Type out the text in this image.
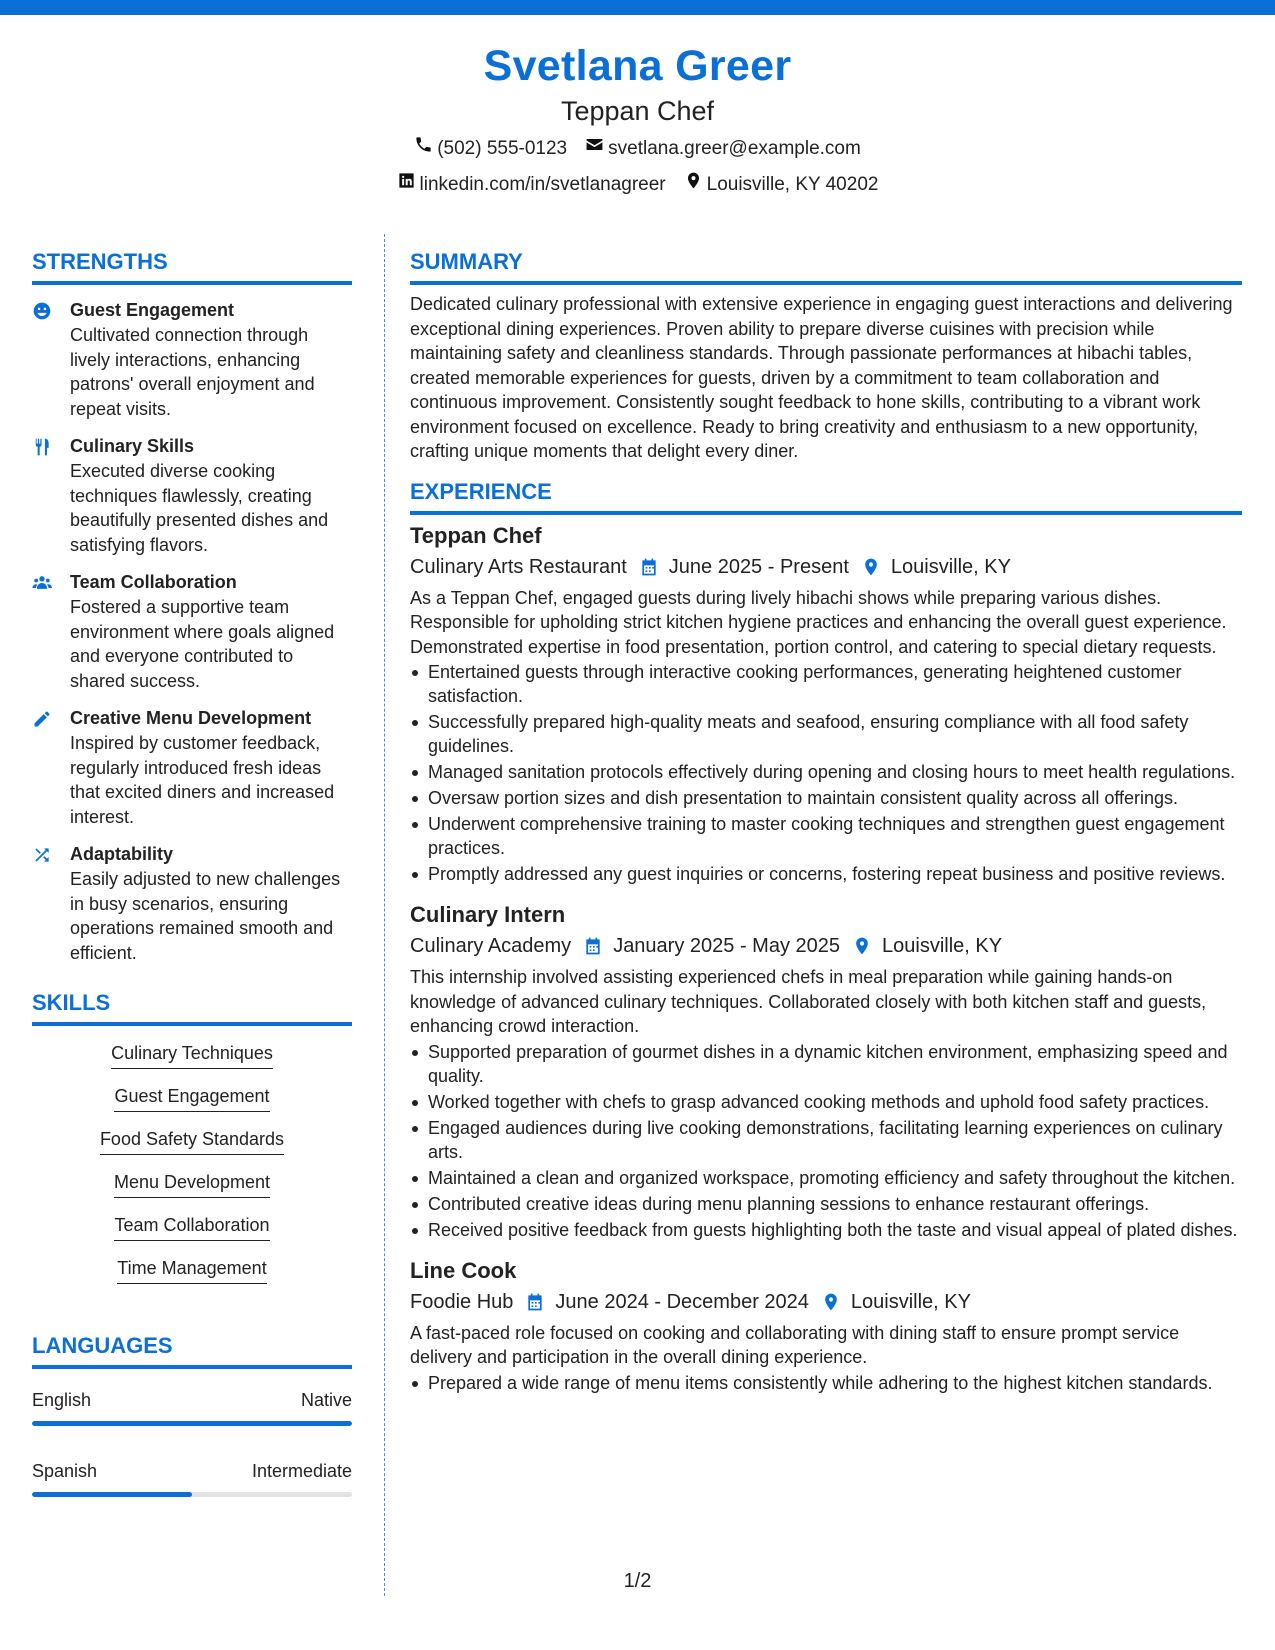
Svetlana Greer
Teppan Chef
(502) 555-0123 svetlana.greer@example.com
linkedin.com/in/svetlanagreer Louisville, KY 40202
STRENGTHS
Guest Engagement
Cultivated connection through lively interactions, enhancing patrons' overall enjoyment and repeat visits.
Culinary Skills
Executed diverse cooking techniques flawlessly, creating beautifully presented dishes and satisfying flavors.
Team Collaboration
Fostered a supportive team environment where goals aligned and everyone contributed to shared success.
Creative Menu Development
Inspired by customer feedback, regularly introduced fresh ideas that excited diners and increased interest.
Adaptability
Easily adjusted to new challenges in busy scenarios, ensuring operations remained smooth and efficient.
SKILLS
Culinary Techniques
Guest Engagement
Food Safety Standards
Menu Development
Team Collaboration
Time Management
LANGUAGES
English	Native
Spanish	Intermediate
SUMMARY
Dedicated culinary professional with extensive experience in engaging guest interactions and delivering exceptional dining experiences. Proven ability to prepare diverse cuisines with precision while maintaining safety and cleanliness standards. Through passionate performances at hibachi tables, created memorable experiences for guests, driven by a commitment to team collaboration and continuous improvement. Consistently sought feedback to hone skills, contributing to a vibrant work environment focused on excellence. Ready to bring creativity and enthusiasm to a new opportunity, crafting unique moments that delight every diner.
EXPERIENCE
Teppan Chef
Culinary Arts Restaurant June 2025 - Present Louisville, KY
As a Teppan Chef, engaged guests during lively hibachi shows while preparing various dishes. Responsible for upholding strict kitchen hygiene practices and enhancing the overall guest experience. Demonstrated expertise in food presentation, portion control, and catering to special dietary requests.
Entertained guests through interactive cooking performances, generating heightened customer satisfaction.
Successfully prepared high-quality meats and seafood, ensuring compliance with all food safety guidelines.
Managed sanitation protocols effectively during opening and closing hours to meet health regulations.
Oversaw portion sizes and dish presentation to maintain consistent quality across all offerings.
Underwent comprehensive training to master cooking techniques and strengthen guest engagement practices.
Promptly addressed any guest inquiries or concerns, fostering repeat business and positive reviews.
Culinary Intern
Culinary Academy January 2025 - May 2025 Louisville, KY
This internship involved assisting experienced chefs in meal preparation while gaining hands-on knowledge of advanced culinary techniques. Collaborated closely with both kitchen staff and guests, enhancing crowd interaction.
Supported preparation of gourmet dishes in a dynamic kitchen environment, emphasizing speed and quality.
Worked together with chefs to grasp advanced cooking methods and uphold food safety practices.
Engaged audiences during live cooking demonstrations, facilitating learning experiences on culinary arts.
Maintained a clean and organized workspace, promoting efficiency and safety throughout the kitchen.
Contributed creative ideas during menu planning sessions to enhance restaurant offerings.
Received positive feedback from guests highlighting both the taste and visual appeal of plated dishes.
Line Cook
Foodie Hub June 2024 - December 2024 Louisville, KY
A fast-paced role focused on cooking and collaborating with dining staff to ensure prompt service delivery and participation in the overall dining experience.
Prepared a wide range of menu items consistently while adhering to the highest kitchen standards.
1/2
